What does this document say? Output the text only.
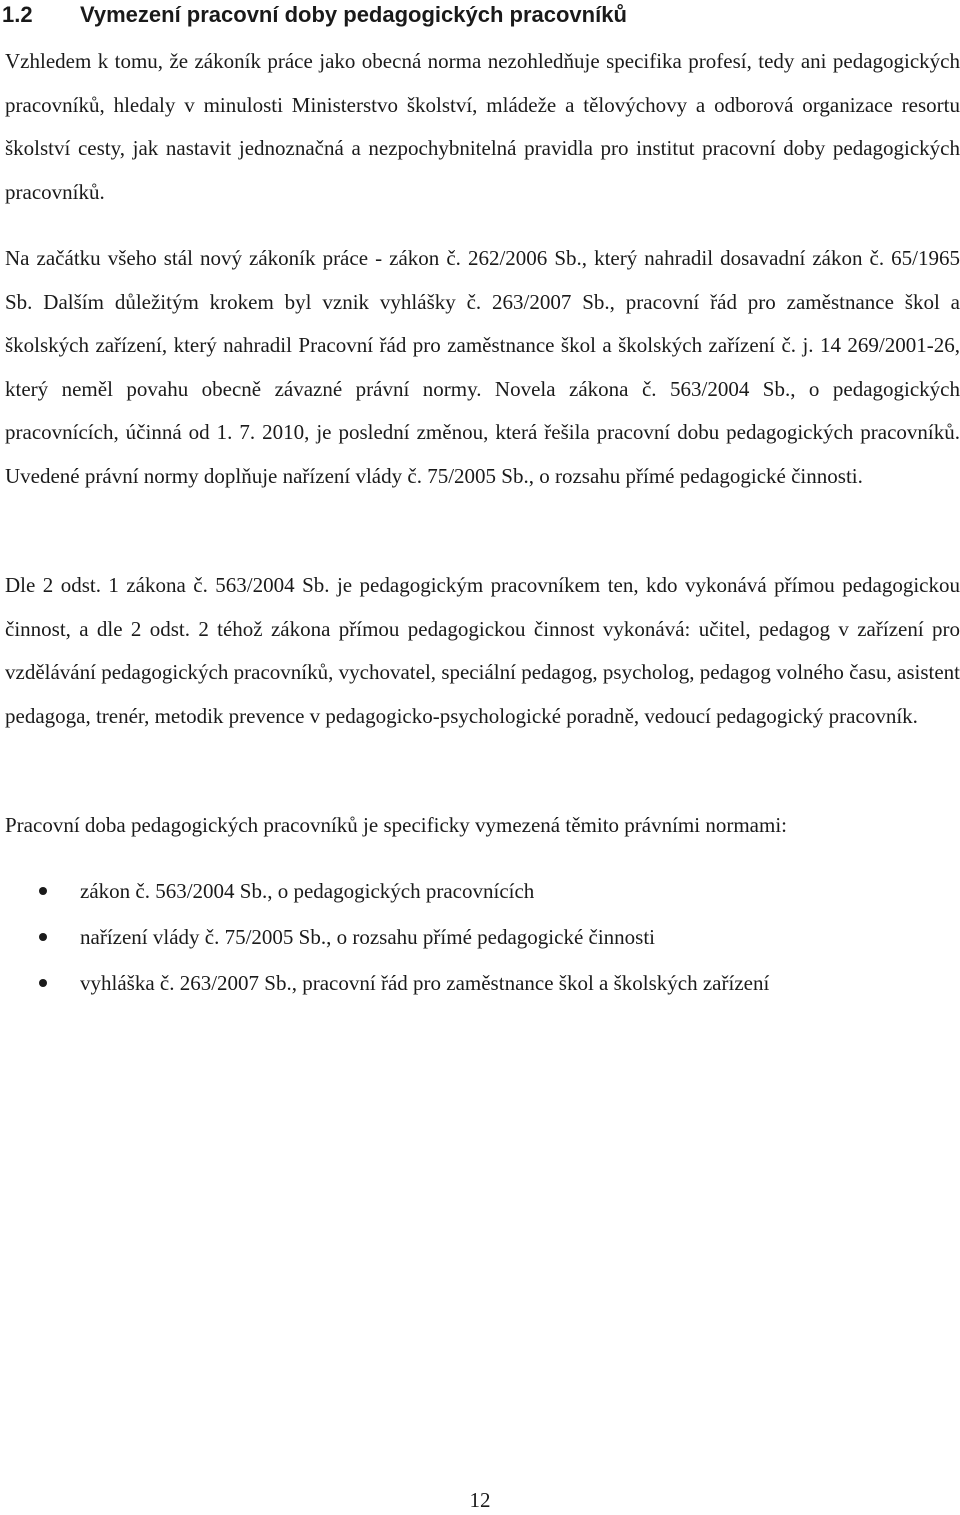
1.2 Vymezení pracovní doby pedagogických pracovníků

Vzhledem k tomu, že zákoník práce jako obecná norma nezohledňuje specifika profesí, tedy ani pedagogických pracovníků, hledaly v minulosti Ministerstvo školství, mládeže a tělovýchovy a odborová organizace resortu školství cesty, jak nastavit jednoznačná a nezpochybnitelná pravidla pro institut pracovní doby pedagogických pracovníků.

Na začátku všeho stál nový zákoník práce - zákon č. 262/2006 Sb., který nahradil dosavadní zákon č. 65/1965 Sb. Dalším důležitým krokem byl vznik vyhlášky č. 263/2007 Sb., pracovní řád pro zaměstnance škol a školských zařízení, který nahradil Pracovní řád pro zaměstnance škol a školských zařízení č. j. 14 269/2001-26, který neměl povahu obecně závazné právní normy. Novela zákona č. 563/2004 Sb., o pedagogických pracovnících, účinná od 1. 7. 2010, je poslední změnou, která řešila pracovní dobu pedagogických pracovníků. Uvedené právní normy doplňuje nařízení vlády č. 75/2005 Sb., o rozsahu přímé pedagogické činnosti.

Dle 2 odst. 1 zákona č. 563/2004 Sb. je pedagogickým pracovníkem ten, kdo vykonává přímou pedagogickou činnost, a dle 2 odst. 2 téhož zákona přímou pedagogickou činnost vykonává: učitel, pedagog v zařízení pro vzdělávání pedagogických pracovníků, vychovatel, speciální pedagog, psycholog, pedagog volného času, asistent pedagoga, trenér, metodik prevence v pedagogicko-psychologické poradně, vedoucí pedagogický pracovník.

Pracovní doba pedagogických pracovníků je specificky vymezená těmito právními normami:

zákon č. 563/2004 Sb., o pedagogických pracovnících
nařízení vlády č. 75/2005 Sb., o rozsahu přímé pedagogické činnosti
vyhláška č. 263/2007 Sb., pracovní řád pro zaměstnance škol a školských zařízení
12
